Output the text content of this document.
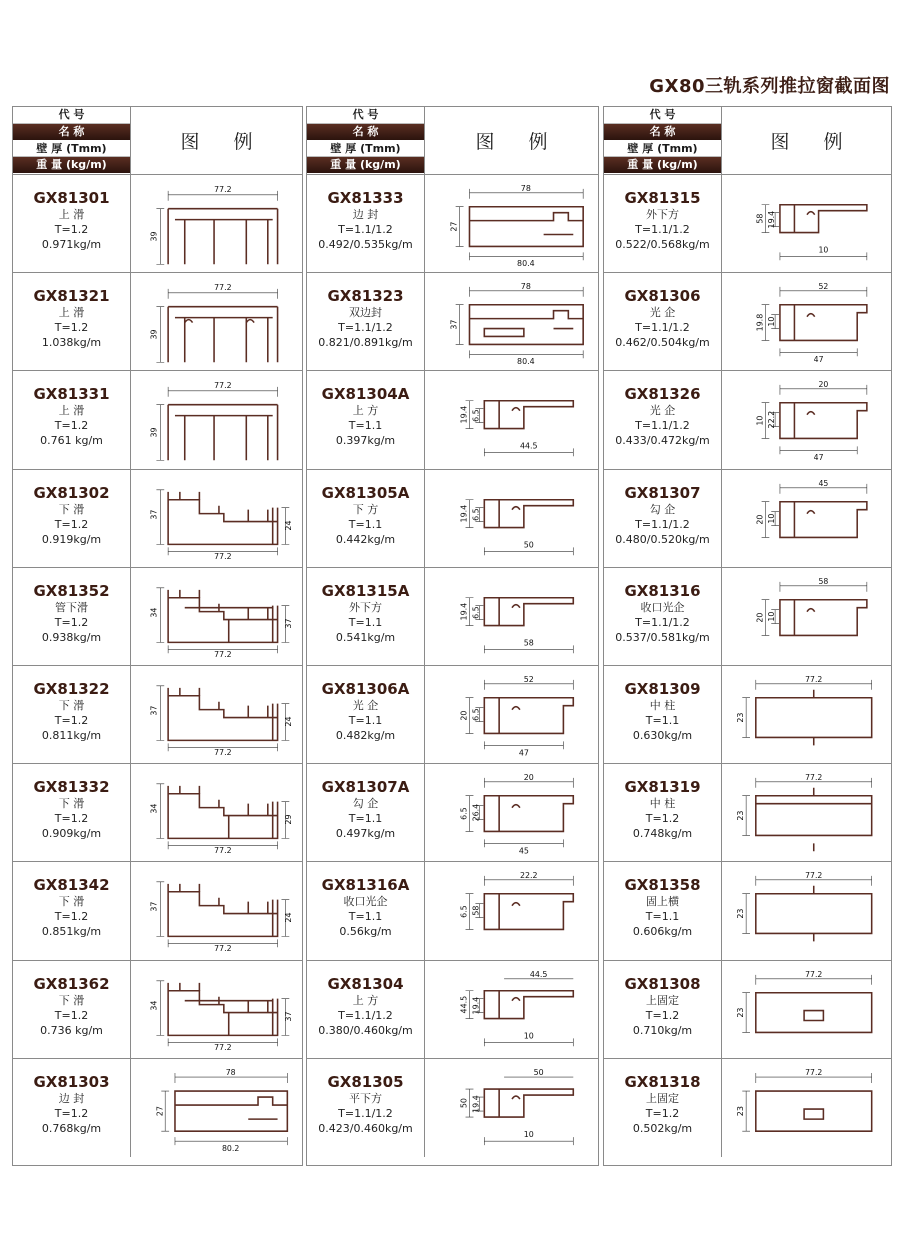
GX80三轨系列推拉窗截面图
代 号
名 称
壁 厚 (Tmm)
重 量 (kg/m)
图 例
GX81301
上 滑
T=1.2
0.971kg/m
77.2
39
GX81321
上 滑
T=1.2
1.038kg/m
77.2
39
GX81331
上 滑
T=1.2
0.761 kg/m
77.2
39
GX81302
下 滑
T=1.2
0.919kg/m
37
77.2
24
GX81352
管下滑
T=1.2
0.938kg/m
34
77.2
37
GX81322
下 滑
T=1.2
0.811kg/m
37
77.2
24
GX81332
下 滑
T=1.2
0.909kg/m
34
77.2
29
GX81342
下 滑
T=1.2
0.851kg/m
37
77.2
24
GX81362
下 滑
T=1.2
0.736 kg/m
34
77.2
37
GX81303
边 封
T=1.2
0.768kg/m
78
27
80.2
代 号
名 称
壁 厚 (Tmm)
重 量 (kg/m)
图 例
GX81333
边 封
T=1.1/1.2
0.492/0.535kg/m
78
27
80.4
GX81323
双边封
T=1.1/1.2
0.821/0.891kg/m
78
37
80.4
GX81304A
上 方
T=1.1
0.397kg/m	44.5
19.4 6.5
GX81305A
下 方
T=1.1
0.442kg/m	50
19.4 6.5
GX81315A
外下方
T=1.1
0.541kg/m	58
19.4 6.5
GX81306A
光 企
T=1.1
0.482kg/m
52
20 6.5
47
GX81307A
勾 企
T=1.1
0.497kg/m
20
6.5 26.4
45
GX81316A
收口光企
T=1.1
0.56kg/m
22.2
6.5 58
GX81304
上 方
T=1.1/1.2
0.380/0.460kg/m	10
44.5 19.4
44.5
GX81305
平下方
T=1.1/1.2
0.423/0.460kg/m	10
50 19.4
50
代 号
名 称
壁 厚 (Tmm)
重 量 (kg/m)
图 例
GX81315
外下方
T=1.1/1.2
0.522/0.568kg/m	10
58 19.4
GX81306
光 企
T=1.1/1.2
0.462/0.504kg/m
52
19.8 10
47
GX81326
光 企
T=1.1/1.2
0.433/0.472kg/m
20
10 22.2
47
GX81307
勾 企
T=1.1/1.2
0.480/0.520kg/m
45
20 10
GX81316
收口光企
T=1.1/1.2
0.537/0.581kg/m
58
20 10
GX81309
中 柱
T=1.1
0.630kg/m
77.2
23
GX81319
中 柱
T=1.2
0.748kg/m
77.2
23
GX81358
固上横
T=1.1
0.606kg/m
77.2
23
GX81308
上固定
T=1.2
0.710kg/m
77.2
23
GX81318
上固定
T=1.2
0.502kg/m
77.2
23
